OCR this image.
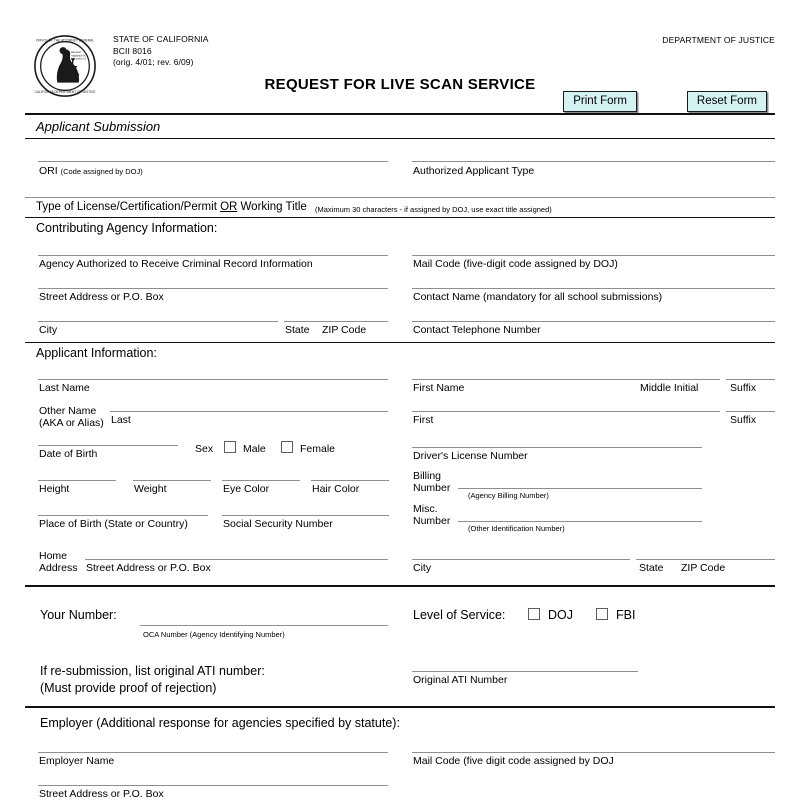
OFFICE OF THE ATTORNEY GENERAL
CALIFORNIA DEPARTMENT OF JUSTICE
Eternal
vigilance is
the price of
STATE OF CALIFORNIA
BCII 8016
(orig. 4/01; rev. 6/09)
DEPARTMENT OF JUSTICE
REQUEST FOR LIVE SCAN SERVICE
Print Form	Reset Form
Applicant Submission
ORI (Code assigned by DOJ)	Authorized Applicant Type
Type of License/Certification/Permit OR Working Title (Maximum 30 characters - if assigned by DOJ, use exact title assigned)
Contributing Agency Information:
Agency Authorized to Receive Criminal Record Information	Mail Code (five-digit code assigned by DOJ)
Street Address or P.O. Box	Contact Name (mandatory for all school submissions)
City	State ZIP Code	Contact Telephone Number
Applicant Information:
Last Name	First Name	Middle Initial	Suffix
Other Name
(AKA or Alias) Last	First	Suffix
Date of Birth	Sex	Male	Female
Driver's License Number
Height	Weight	Eye Color	Hair Color
Billing
Number
(Agency Billing Number)
Misc.
Number
(Other Identification Number)
Place of Birth (State or Country)	Social Security Number
Home
Address Street Address or P.O. Box	City	State ZIP Code
Your Number:
OCA Number (Agency Identifying Number)
Level of Service:	DOJ	FBI
If re-submission, list original ATI number:
(Must provide proof of rejection)
Original ATI Number
Employer (Additional response for agencies specified by statute):
Employer Name	Mail Code (five digit code assigned by DOJ
Street Address or P.O. Box
